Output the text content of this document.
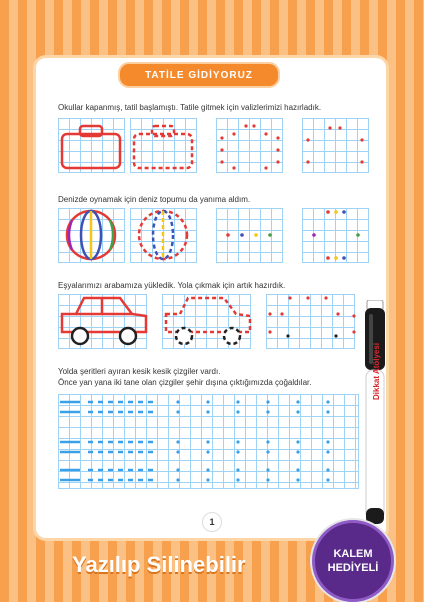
TATİLE GİDİYORUZ
Okullar kapanmış, tatil başlamıştı. Tatile gitmek için valizlerimizi hazırladık.
Denizde oynamak için deniz topumu da yanıma aldım.
Eşyalarımızı arabamıza yükledik. Yola çıkmak için artık hazırdık.
Yolda şeritleri ayıran kesik kesik çizgiler vardı.
Önce yan yana iki tane olan çizgiler şehir dışına çıktığımızda çoğaldılar.	Dikkat Atölyesi
1
Yazılıp Silinebilir	KALEM
HEDİYELİ
